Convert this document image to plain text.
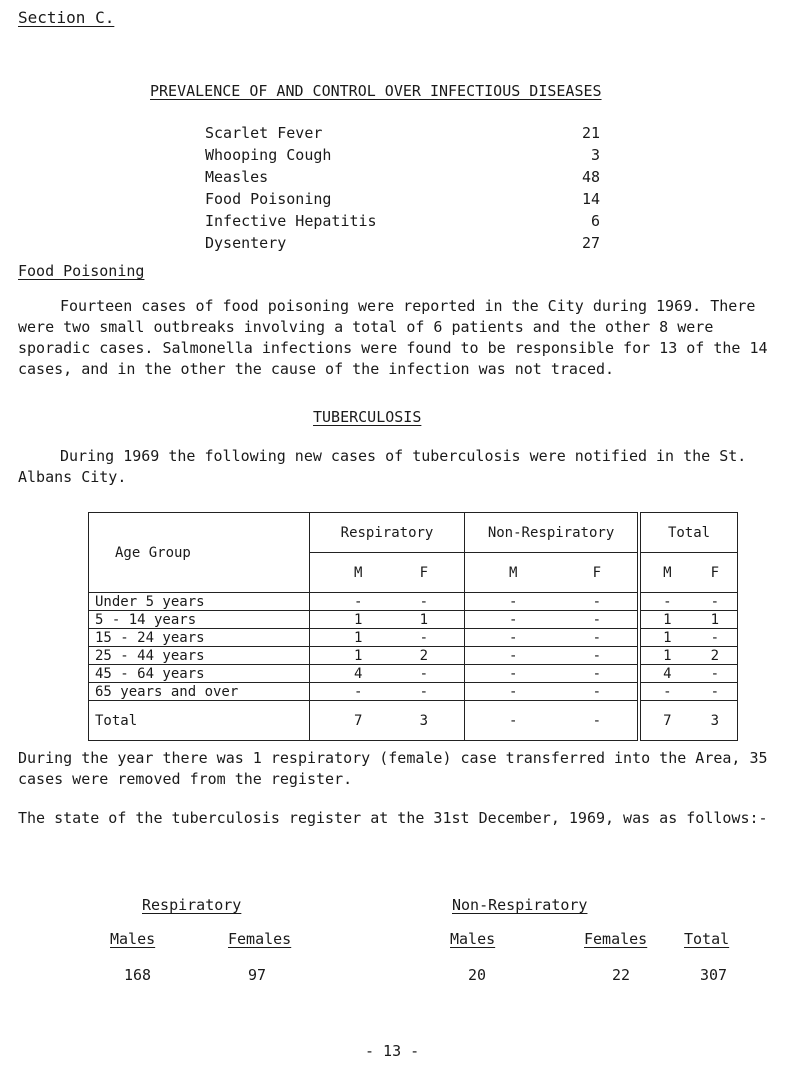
Section C.
PREVALENCE OF AND CONTROL OVER INFECTIOUS DISEASES
Scarlet Fever	21
Whooping Cough	3
Measles	48
Food Poisoning	14
Infective Hepatitis	6
Dysentery	27
Food Poisoning
Fourteen cases of food poisoning were reported in the City during 1969. There were two small outbreaks involving a total of 6 patients and the other 8 were sporadic cases. Salmonella infections were found to be responsible for 13 of the 14 cases, and in the other the cause of the infection was not traced.
TUBERCULOSIS
During 1969 the following new cases of tuberculosis were notified in the St. Albans City.
Age Group	Respiratory	Non-Respiratory	Total

	M F	M F	M F

Under 5 years	- -	- -	- -

5 - 14 years	1 1	- -	1 1

15 - 24 years	1 -	- -	1 -

25 - 44 years	1 2	- -	1 2

45 - 64 years	4 -	- -	4 -

65 years and over	- -	- -	- -

Total	7 3	- -	7 3
During the year there was 1 respiratory (female) case transferred into the Area, 35 cases were removed from the register.
The state of the tuberculosis register at the 31st December, 1969, was as follows:-
Respiratory	Non-Respiratory
Males	Females	Males	Females Total
168	97	20	22	307
- 13 -
